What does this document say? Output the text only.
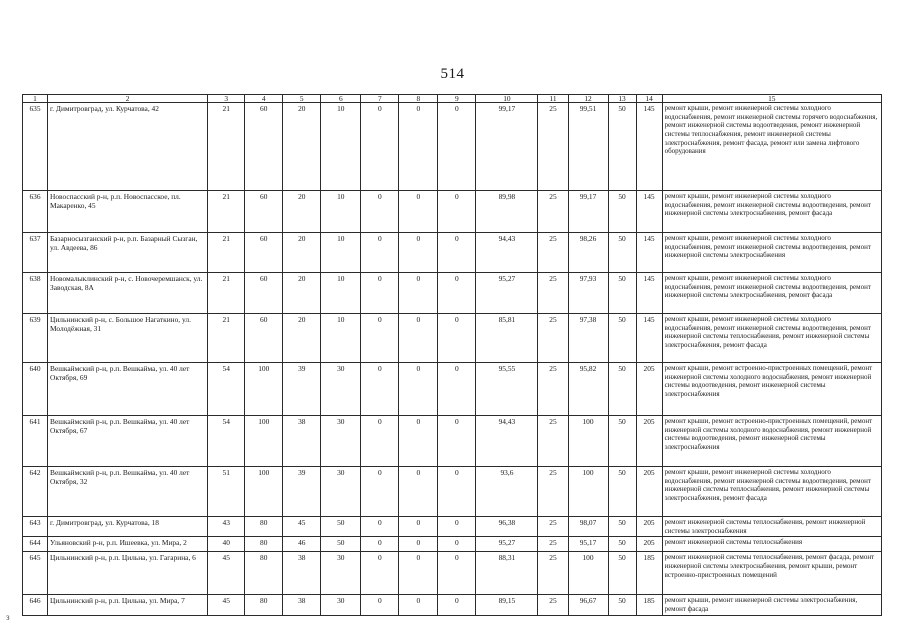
514
1	2	3	4	5	6	7	8	9	10	11	12	13	14	15
635	г. Димитровград, ул. Курчатова, 42	21	60	20	10	0	0	0	99,17	25	99,51	50	145	ремонт крыши, ремонт инженерной системы холодного водоснабжения, ремонт инженерной системы горячего водоснабжения, ремонт инженерной системы водоотведения, ремонт инженерной системы теплоснабжения, ремонт инженерной системы электроснабжения, ремонт фасада, ремонт или замена лифтового оборудования
636	Новоспасский р-н, р.п. Новоспасское, пл. Макаренко, 45	21	60	20	10	0	0	0	89,98	25	99,17	50	145	ремонт крыши, ремонт инженерной системы холодного водоснабжения, ремонт инженерной системы водоотведения, ремонт инженерной системы электроснабжения, ремонт фасада
637	Базарносызганский р-н, р.п. Базарный Сызган, ул. Авдеева, 86	21	60	20	10	0	0	0	94,43	25	98,26	50	145	ремонт крыши, ремонт инженерной системы холодного водоснабжения, ремонт инженерной системы водоотведения, ремонт инженерной системы электроснабжения
638	Новомалыклинский р-н, с. Новочеремшанск, ул. Заводская, 8А	21	60	20	10	0	0	0	95,27	25	97,93	50	145	ремонт крыши, ремонт инженерной системы холодного водоснабжения, ремонт инженерной системы водоотведения, ремонт инженерной системы электроснабжения, ремонт фасада
639	Цильнинский р-н, с. Большое Нагаткино, ул. Молодёжная, 31	21	60	20	10	0	0	0	85,81	25	97,38	50	145	ремонт крыши, ремонт инженерной системы холодного водоснабжения, ремонт инженерной системы водоотведения, ремонт инженерной системы теплоснабжения, ремонт инженерной системы электроснабжения, ремонт фасада
640	Вешкаймский р-н, р.п. Вешкайма, ул. 40 лет Октября, 69	54	100	39	30	0	0	0	95,55	25	95,82	50	205	ремонт крыши, ремонт встроенно-пристроенных помещений, ремонт инженерной системы холодного водоснабжения, ремонт инженерной системы водоотведения, ремонт инженерной системы электроснабжения
641	Вешкаймский р-н, р.п. Вешкайма, ул. 40 лет Октября, 67	54	100	38	30	0	0	0	94,43	25	100	50	205	ремонт крыши, ремонт встроенно-пристроенных помещений, ремонт инженерной системы холодного водоснабжения, ремонт инженерной системы водоотведения, ремонт инженерной системы электроснабжения
642	Вешкаймский р-н, р.п. Вешкайма, ул. 40 лет Октября, 32	51	100	39	30	0	0	0	93,6	25	100	50	205	ремонт крыши, ремонт инженерной системы холодного водоснабжения, ремонт инженерной системы водоотведения, ремонт инженерной системы теплоснабжения, ремонт инженерной системы электроснабжения, ремонт фасада
643	г. Димитровград, ул. Курчатова, 18	43	80	45	50	0	0	0	96,38	25	98,07	50	205	ремонт инженерной системы теплоснабжения, ремонт инженерной системы электроснабжения
644	Ульяновский р-н, р.п. Ишеевка, ул. Мира, 2	40	80	46	50	0	0	0	95,27	25	95,17	50	205	ремонт инженерной системы теплоснабжения
645	Цильнинский р-н, р.п. Цильна, ул. Гагарина, 6	45	80	38	30	0	0	0	88,31	25	100	50	185	ремонт инженерной системы теплоснабжения, ремонт фасада, ремонт инженерной системы электроснабжения, ремонт крыши, ремонт встроенно-пристроенных помещений
646	Цильнинский р-н, р.п. Цильна, ул. Мира, 7	45	80	38	30	0	0	0	89,15	25	96,67	50	185	ремонт крыши, ремонт инженерной системы электроснабжения, ремонт фасада
з
